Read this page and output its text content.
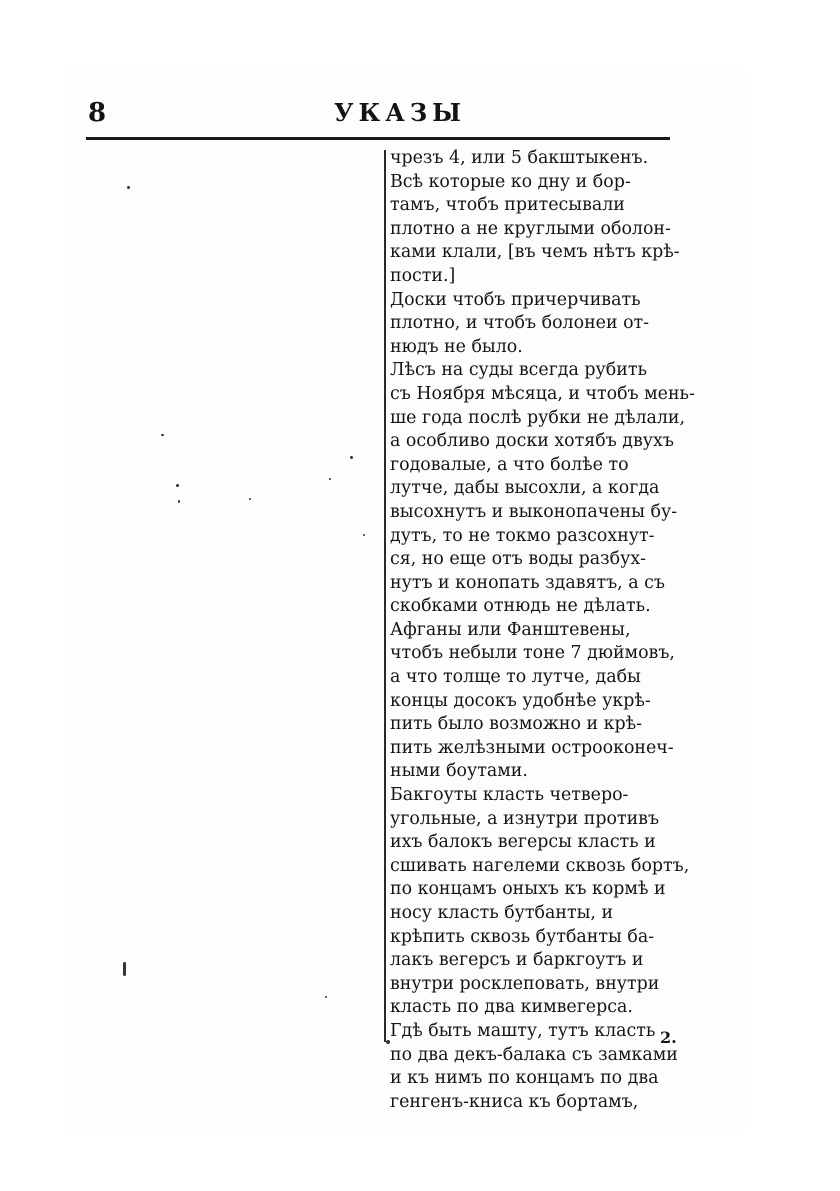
8	УКАЗЫ
чрезъ 4, или 5 бакштыкенъ.
Всѣ которые ко дну и бор-
тамъ, чтобъ притесывали
плотно а не круглыми оболон-
ками клали, [въ чемъ нѣтъ крѣ-
пости.]
Доски чтобъ причерчивать
плотно, и чтобъ болонеи от-
нюдъ не было.
Лѣсъ на суды всегда рубить
съ Ноября мѣсяца, и чтобъ мень-
ше года послѣ рубки не дѣлали,
а особливо доски хотябъ двухъ
годовалые, а что болѣе то
лутче, дабы высохли, а когда
высохнутъ и выконопачены бу-
дутъ, то не токмо разсохнут-
ся, но еще отъ воды разбух-
нутъ и конопать здавятъ, а съ
скобками отнюдь не дѣлать.
Афганы или Фанштевены,
чтобъ небыли тоне 7 дюймовъ,
а что толще то лутче, дабы
концы досокъ удобнѣе укрѣ-
пить было возможно и крѣ-
пить желѣзными острооконеч-
ными боутами.
Бакгоуты класть четверо-
угольные, а изнутри противъ
ихъ балокъ вегерсы класть и
сшивать нагелеми сквозь бортъ,
по концамъ оныхъ къ кормѣ и
носу класть бутбанты, и
крѣпить сквозь бутбанты ба-
лакъ вегерсъ и баркгоутъ и
внутри росклеповать, внутри
класть по два кимвегерса.
Гдѣ быть машту, тутъ класть
по два декъ-балака съ замками
и къ нимъ по концамъ по два
генгенъ-книса къ бортамъ,
2.
